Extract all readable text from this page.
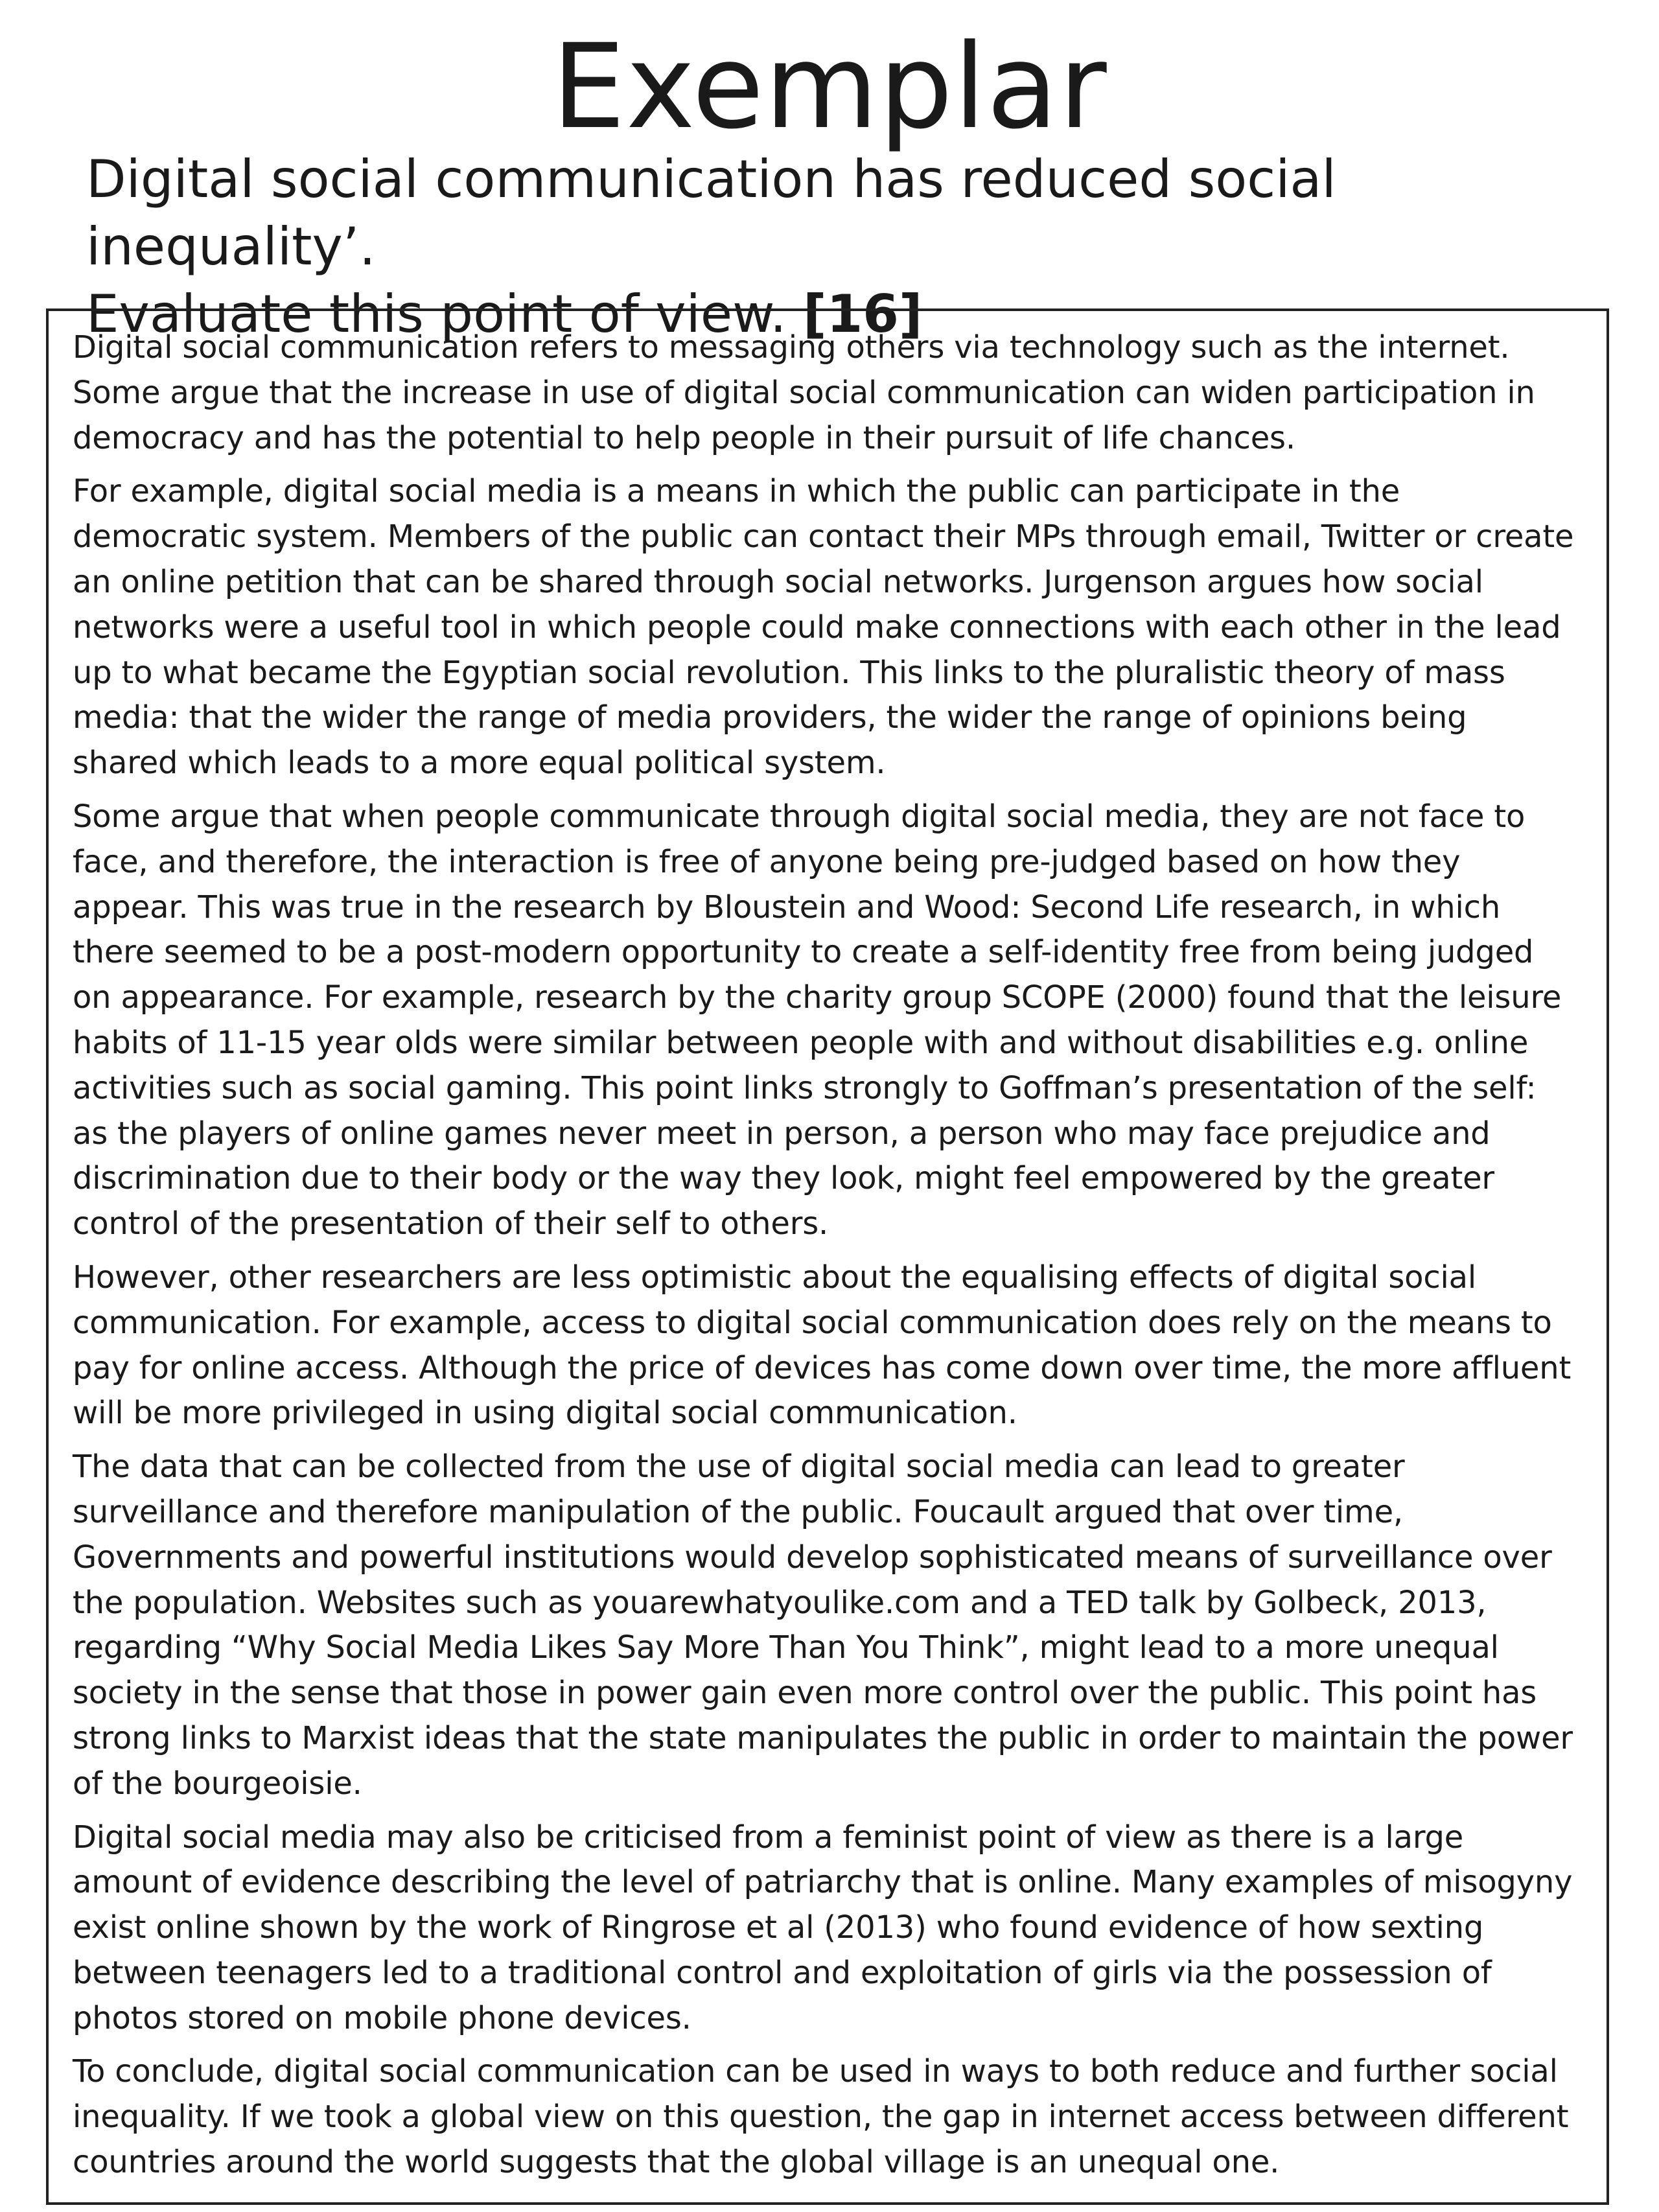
Exemplar
Digital social communication has reduced social inequality’.
Evaluate this point of view. [16]

Digital social communication refers to messaging others via technology such as the internet. Some argue that the increase in use of digital social communication can widen participation in democracy and has the potential to help people in their pursuit of life chances.

For example, digital social media is a means in which the public can participate in the democratic system. Members of the public can contact their MPs through email, Twitter or create an online petition that can be shared through social networks. Jurgenson argues how social networks were a useful tool in which people could make connections with each other in the lead up to what became the Egyptian social revolution. This links to the pluralistic theory of mass media: that the wider the range of media providers, the wider the range of opinions being shared which leads to a more equal political system.

Some argue that when people communicate through digital social media, they are not face to face, and therefore, the interaction is free of anyone being pre-judged based on how they appear. This was true in the research by Bloustein and Wood: Second Life research, in which there seemed to be a post-modern opportunity to create a self-identity free from being judged on appearance. For example, research by the charity group SCOPE (2000) found that the leisure habits of 11-15 year olds were similar between people with and without disabilities e.g. online activities such as social gaming. This point links strongly to Goffman’s presentation of the self: as the players of online games never meet in person, a person who may face prejudice and discrimination due to their body or the way they look, might feel empowered by the greater control of the presentation of their self to others.

However, other researchers are less optimistic about the equalising effects of digital social communication. For example, access to digital social communication does rely on the means to pay for online access. Although the price of devices has come down over time, the more affluent will be more privileged in using digital social communication.

The data that can be collected from the use of digital social media can lead to greater surveillance and therefore manipulation of the public. Foucault argued that over time, Governments and powerful institutions would develop sophisticated means of surveillance over the population. Websites such as youarewhatyoulike.com and a TED talk by Golbeck, 2013, regarding “Why Social Media Likes Say More Than You Think”, might lead to a more unequal society in the sense that those in power gain even more control over the public. This point has strong links to Marxist ideas that the state manipulates the public in order to maintain the power of the bourgeoisie.

Digital social media may also be criticised from a feminist point of view as there is a large amount of evidence describing the level of patriarchy that is online. Many examples of misogyny exist online shown by the work of Ringrose et al (2013) who found evidence of how sexting between teenagers led to a traditional control and exploitation of girls via the possession of photos stored on mobile phone devices.

To conclude, digital social communication can be used in ways to both reduce and further social inequality. If we took a global view on this question, the gap in internet access between different countries around the world suggests that the global village is an unequal one.
